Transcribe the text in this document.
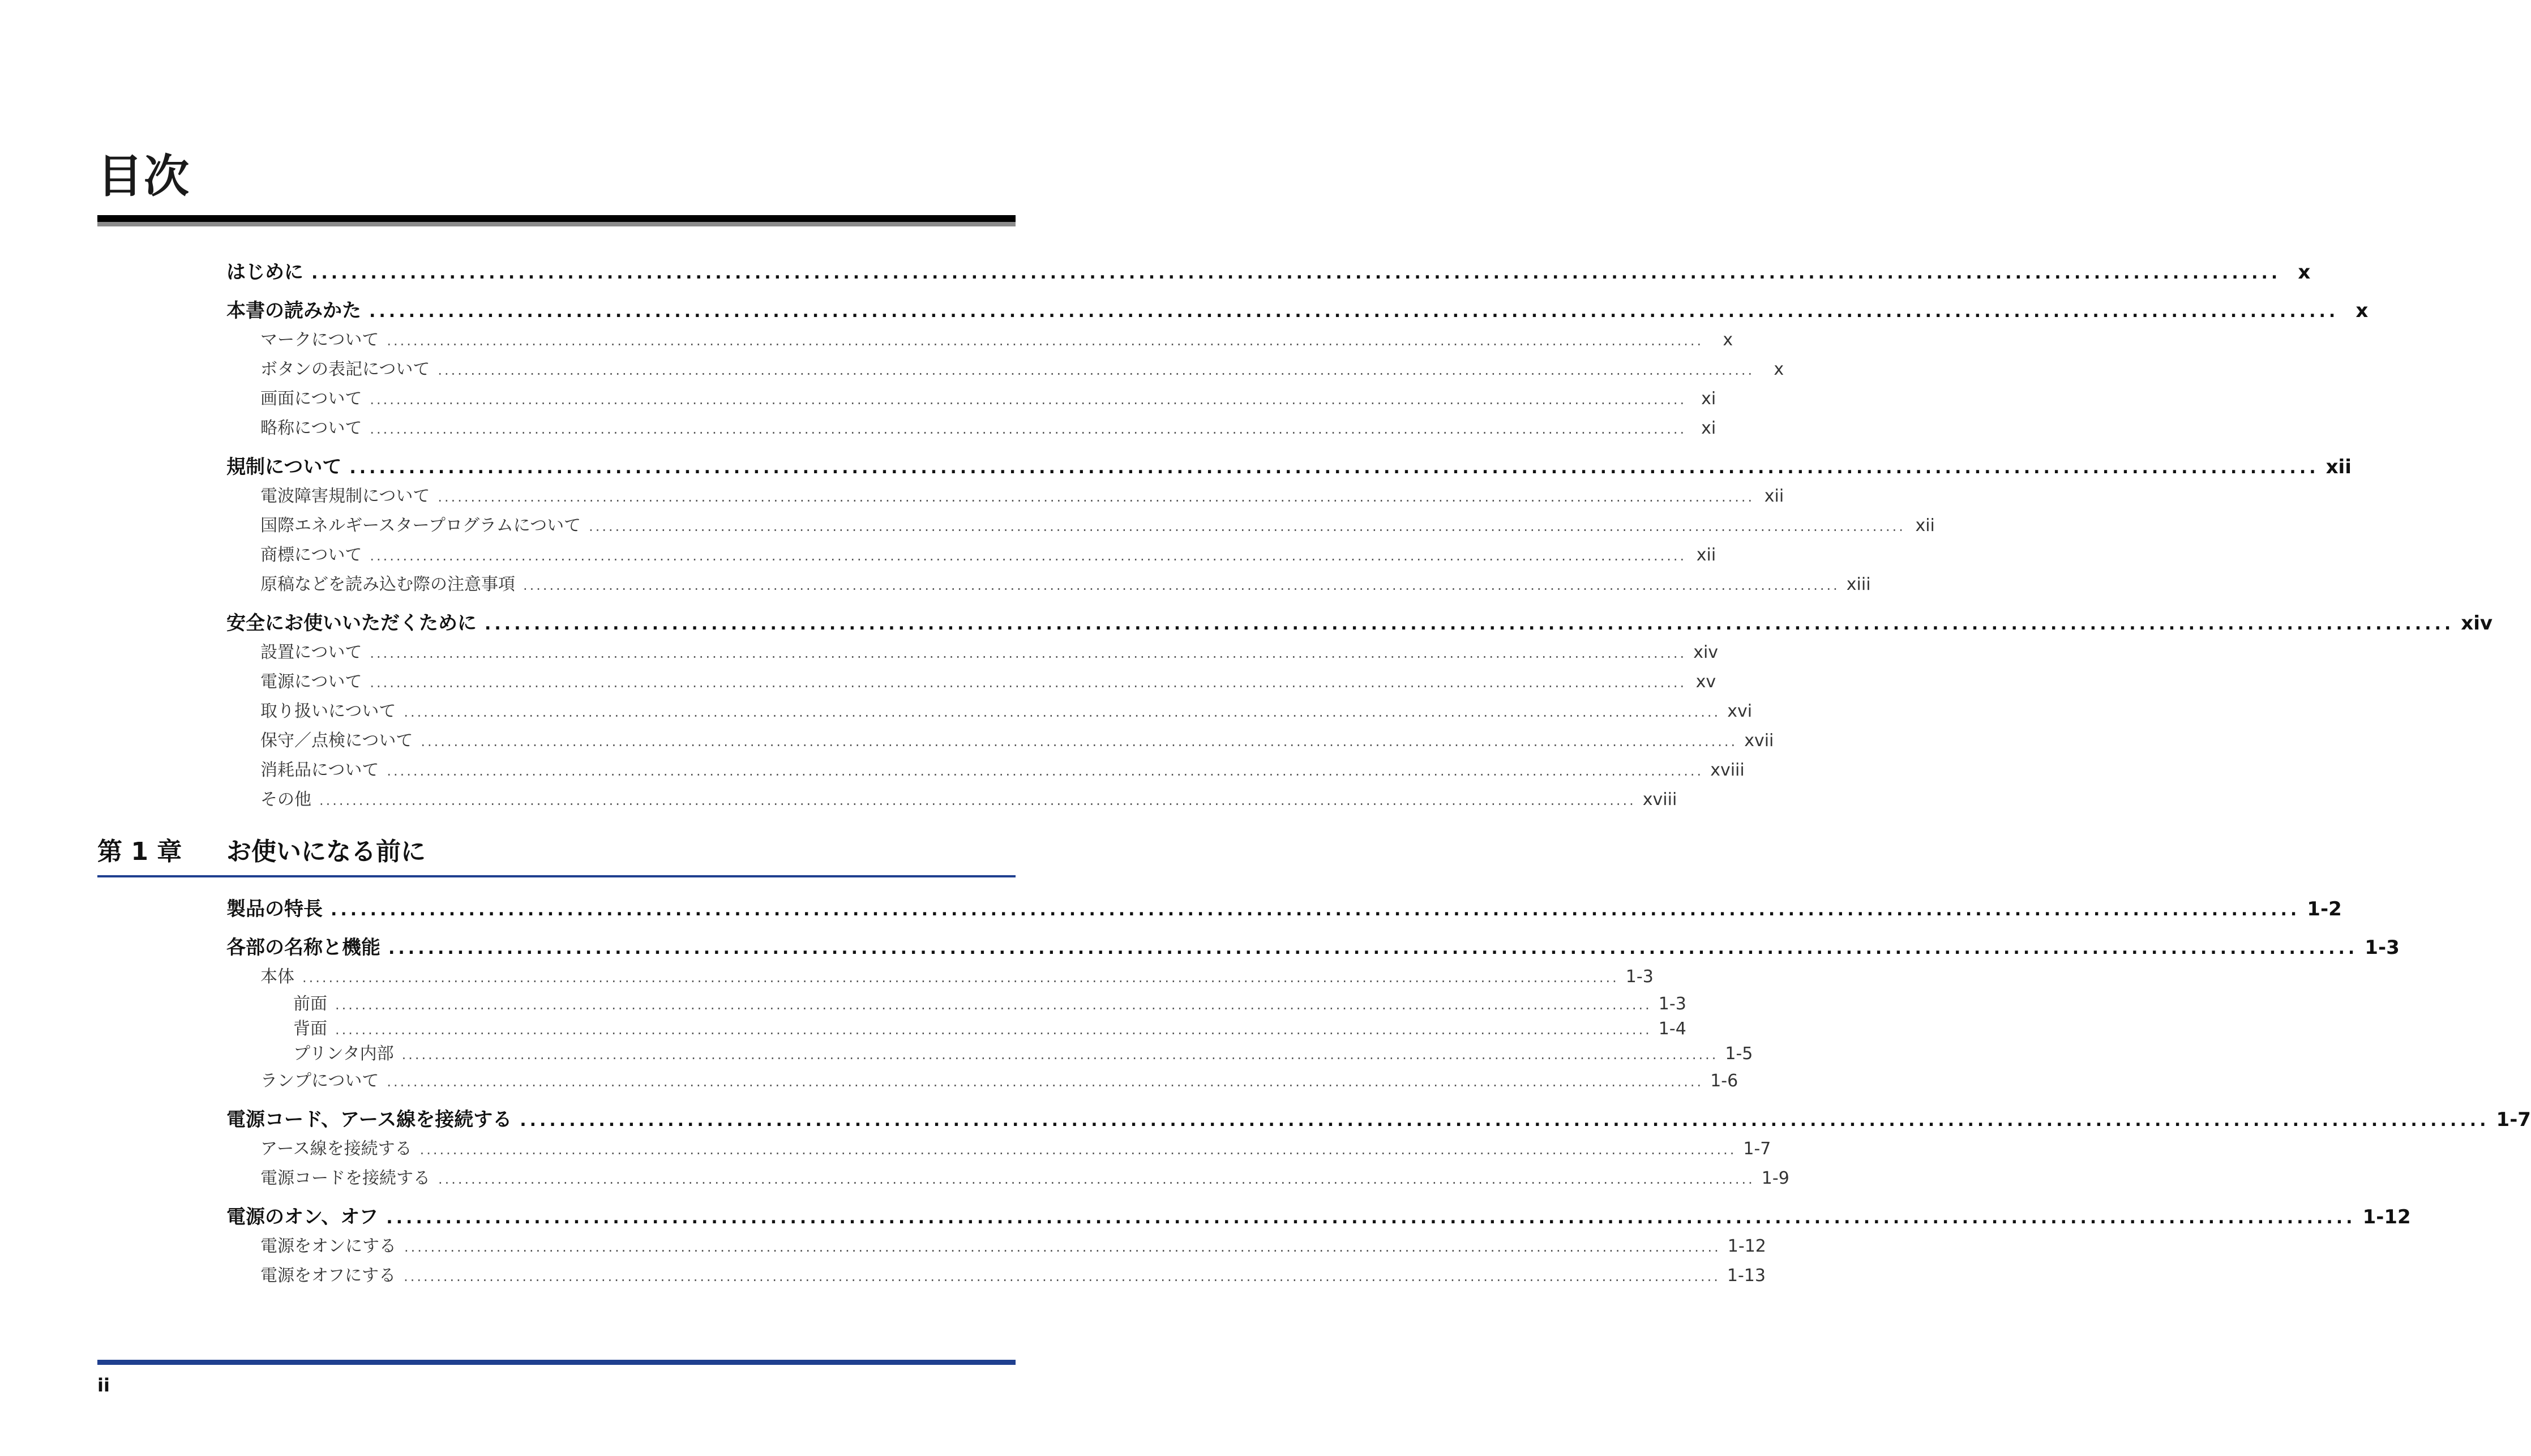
目次
はじめに ........................................................................................................................................................................................................ x
本書の読みかた ........................................................................................................................................................................................................ x
マークについて ........................................................................................................................................................................................................	x
ボタンの表記について ........................................................................................................................................................................................................	x
画面について ........................................................................................................................................................................................................ xi
略称について ........................................................................................................................................................................................................ xi
規制について ........................................................................................................................................................................................................ xii
電波障害規制について ........................................................................................................................................................................................................ xii
国際エネルギースタープログラムについて ........................................................................................................................................................................................................ xii
商標について ........................................................................................................................................................................................................ xii
原稿などを読み込む際の注意事項 ........................................................................................................................................................................................................ xiii
安全にお使いいただくために ........................................................................................................................................................................................................ xiv
設置について ........................................................................................................................................................................................................ xiv
電源について ........................................................................................................................................................................................................ xv
取り扱いについて ........................................................................................................................................................................................................ xvi
保守／点検について ........................................................................................................................................................................................................ xvii
消耗品について ........................................................................................................................................................................................................ xviii
その他 ........................................................................................................................................................................................................ xviii
第 1 章 お使いになる前に
製品の特長 ........................................................................................................................................................................................................ 1-2
各部の名称と機能 ........................................................................................................................................................................................................ 1-3
本体 ........................................................................................................................................................................................................ 1-3
前面 ........................................................................................................................................................................................................ 1-3
背面 ........................................................................................................................................................................................................ 1-4
プリンタ内部 ........................................................................................................................................................................................................ 1-5
ランプについて ........................................................................................................................................................................................................ 1-6
電源コード、アース線を接続する ........................................................................................................................................................................................................ 1-7
アース線を接続する ........................................................................................................................................................................................................ 1-7
電源コードを接続する ........................................................................................................................................................................................................ 1-9
電源のオン、オフ ........................................................................................................................................................................................................ 1-12
電源をオンにする ........................................................................................................................................................................................................ 1-12
電源をオフにする ........................................................................................................................................................................................................ 1-13
ii
